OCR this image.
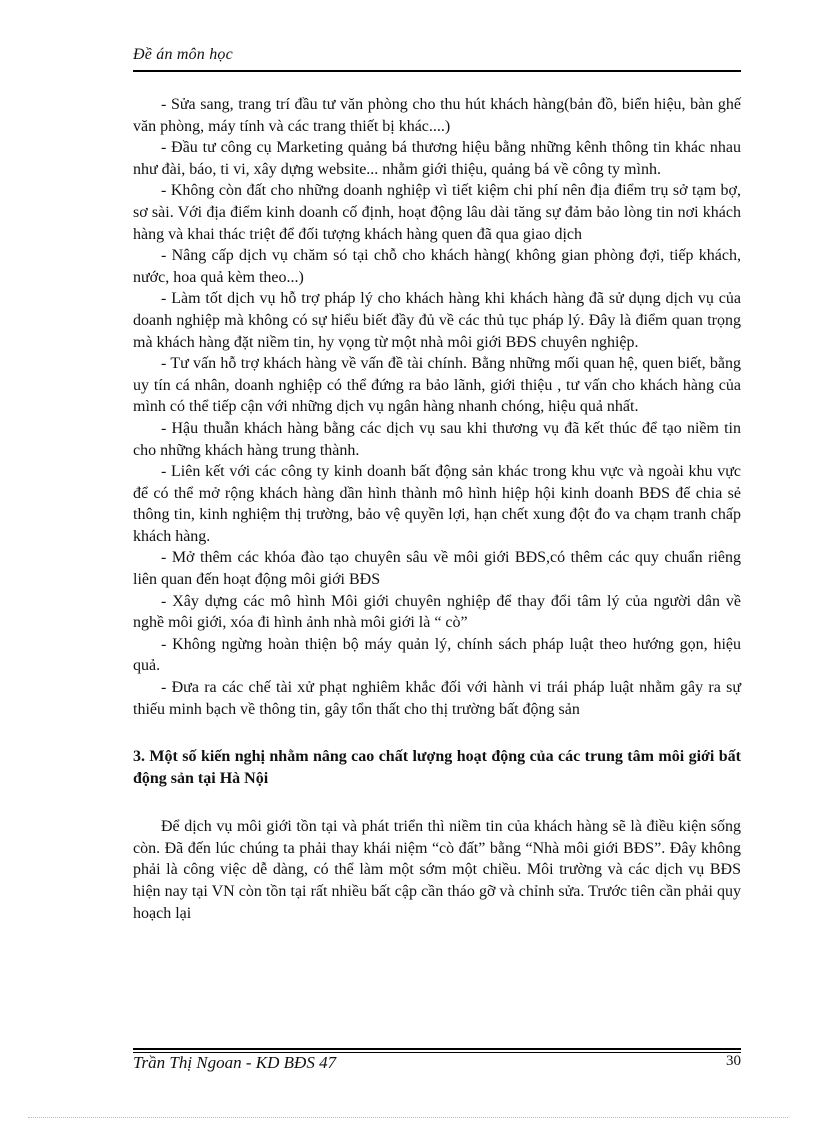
Đề án môn học

- Sửa sang, trang trí đầu tư văn phòng cho thu hút khách hàng(bản đồ, biển hiệu, bàn ghế văn phòng, máy tính và các trang thiết bị khác....)

- Đầu tư công cụ Marketing quảng bá thương hiệu bằng những kênh thông tin khác nhau như đài, báo, ti vi, xây dựng website... nhằm giới thiệu, quảng bá về công ty mình.

- Không còn đất cho những doanh nghiệp vì tiết kiệm chi phí nên địa điểm trụ sở tạm bợ, sơ sài. Với địa điểm kinh doanh cố định, hoạt động lâu dài tăng sự đảm bảo lòng tin nơi khách hàng và khai thác triệt để đối tượng khách hàng quen đã qua giao dịch

- Nâng cấp dịch vụ chăm só tại chỗ cho khách hàng( không gian phòng đợi, tiếp khách, nước, hoa quả kèm theo...)

- Làm tốt dịch vụ hỗ trợ pháp lý cho khách hàng khi khách hàng đã sử dụng dịch vụ của doanh nghiệp mà không có sự hiểu biết đầy đủ về các thủ tục pháp lý. Đây là điểm quan trọng mà khách hàng đặt niềm tin, hy vọng từ một nhà môi giới BĐS chuyên nghiệp.

- Tư vấn hỗ trợ khách hàng về vấn đề tài chính. Bằng những mối quan hệ, quen biết, bằng uy tín cá nhân, doanh nghiệp có thể đứng ra bảo lãnh, giới thiệu , tư vấn cho khách hàng của mình có thể tiếp cận với những dịch vụ ngân hàng nhanh chóng, hiệu quả nhất.

- Hậu thuẫn khách hàng bằng các dịch vụ sau khi thương vụ đã kết thúc để tạo niềm tin cho những khách hàng trung thành.

- Liên kết với các công ty kinh doanh bất động sản khác trong khu vực và ngoài khu vực để có thể mở rộng khách hàng dần hình thành mô hình hiệp hội kinh doanh BĐS để chia sẻ thông tin, kinh nghiệm thị trường, bảo vệ quyền lợi, hạn chết xung đột đo va chạm tranh chấp khách hàng.

- Mở thêm các khóa đào tạo chuyên sâu về môi giới BĐS,có thêm các quy chuẩn riêng liên quan đến hoạt động môi giới BĐS

- Xây dựng các mô hình Môi giới chuyên nghiệp để thay đổi tâm lý của người dân về nghề môi giới, xóa đi hình ảnh nhà môi giới là “ cò”

- Không ngừng hoàn thiện bộ máy quản lý, chính sách pháp luật theo hướng gọn, hiệu quả.

- Đưa ra các chế tài xử phạt nghiêm khắc đối với hành vi trái pháp luật nhằm gây ra sự thiếu minh bạch về thông tin, gây tổn thất cho thị trường bất động sản

3. Một số kiến nghị nhằm nâng cao chất lượng hoạt động của các trung tâm môi giới bất động sản tại Hà Nội

Để dịch vụ môi giới tồn tại và phát triển thì niềm tin của khách hàng sẽ là điều kiện sống còn. Đã đến lúc chúng ta phải thay khái niệm “cò đất” bằng “Nhà môi giới BĐS”. Đây không phải là công việc dễ dàng, có thể làm một sớm một chiều. Môi trường và các dịch vụ BĐS hiện nay tại VN còn tồn tại rất nhiều bất cập cần tháo gỡ và chỉnh sửa. Trước tiên cần phải quy hoạch lại

Trần Thị Ngoan - KD BĐS 47	30
